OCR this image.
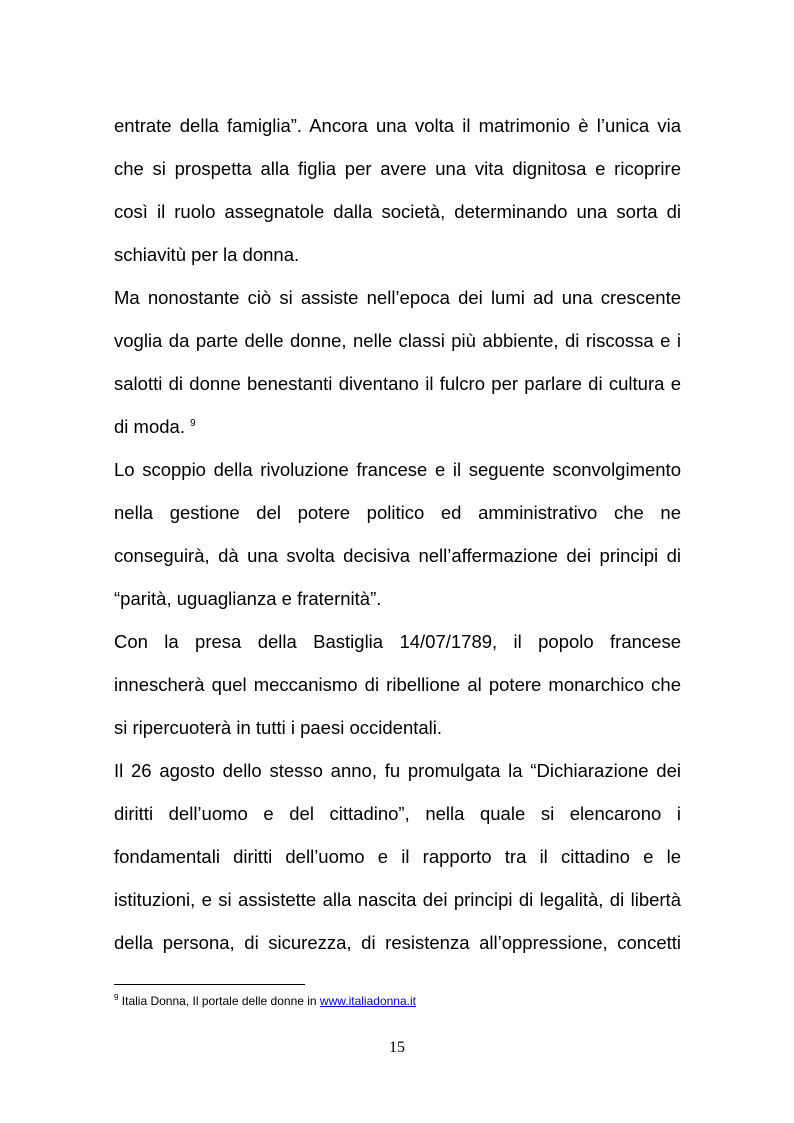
entrate della famiglia”. Ancora una volta il matrimonio è l’unica via
che si prospetta alla figlia per avere una vita dignitosa e ricoprire
così il ruolo assegnatole dalla società, determinando una sorta di
schiavitù per la donna.
Ma nonostante ciò si assiste nell’epoca dei lumi ad una crescente
voglia da parte delle donne, nelle classi più abbiente, di riscossa e i
salotti di donne benestanti diventano il fulcro per parlare di cultura e
di moda. $^9$
Lo scoppio della rivoluzione francese e il seguente sconvolgimento
nella gestione del potere politico ed amministrativo che ne
conseguirà, dà una svolta decisiva nell’affermazione dei principi di
“parità, uguaglianza e fraternità”.
Con la presa della Bastiglia 14/07/1789, il popolo francese
innescherà quel meccanismo di ribellione al potere monarchico che
si ripercuoterà in tutti i paesi occidentali.
Il 26 agosto dello stesso anno, fu promulgata la “Dichiarazione dei
diritti dell’uomo e del cittadino”, nella quale si elencarono i
fondamentali diritti dell’uomo e il rapporto tra il cittadino e le
istituzioni, e si assistette alla nascita dei principi di legalità, di libertà
della persona, di sicurezza, di resistenza all’oppressione, concetti
$^9$ Italia Donna, Il portale delle donne in www.italiadonna.it
15
